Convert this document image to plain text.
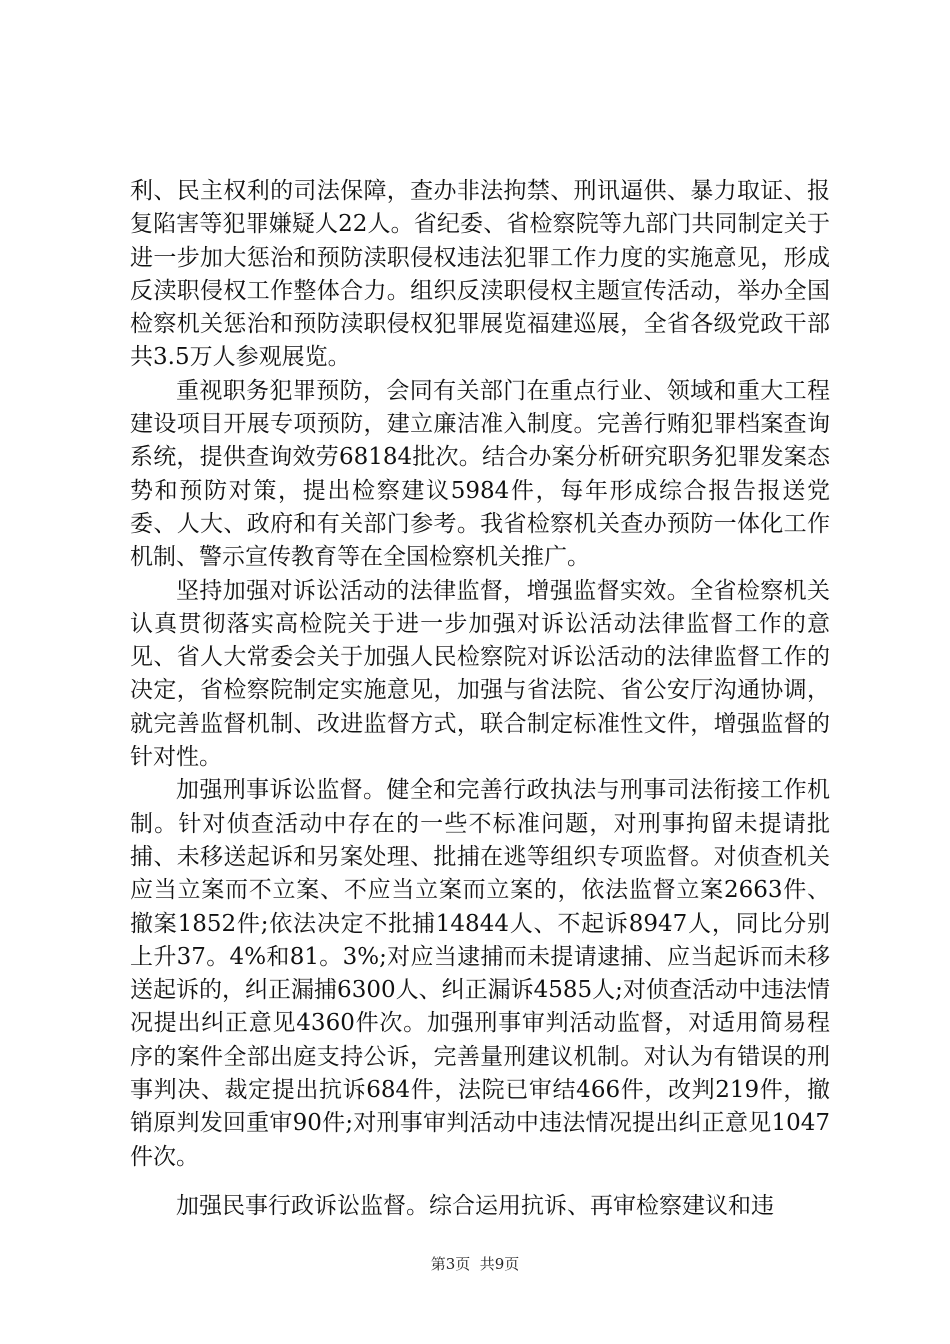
利、民主权利的司法保障，查办非法拘禁、刑讯逼供、暴力取证、报复陷害等犯罪嫌疑人22人。省纪委、省检察院等九部门共同制定关于进一步加大惩治和预防渎职侵权违法犯罪工作力度的实施意见，形成反渎职侵权工作整体合力。组织反渎职侵权主题宣传活动，举办全国检察机关惩治和预防渎职侵权犯罪展览福建巡展，全省各级党政干部共3.5万人参观展览。

重视职务犯罪预防，会同有关部门在重点行业、领域和重大工程建设项目开展专项预防，建立廉洁准入制度。完善行贿犯罪档案查询系统，提供查询效劳68184批次。结合办案分析研究职务犯罪发案态势和预防对策，提出检察建议5984件，每年形成综合报告报送党委、人大、政府和有关部门参考。我省检察机关查办预防一体化工作机制、警示宣传教育等在全国检察机关推广。

坚持加强对诉讼活动的法律监督，增强监督实效。全省检察机关认真贯彻落实高检院关于进一步加强对诉讼活动法律监督工作的意见、省人大常委会关于加强人民检察院对诉讼活动的法律监督工作的决定，省检察院制定实施意见，加强与省法院、省公安厅沟通协调，就完善监督机制、改进监督方式，联合制定标准性文件，增强监督的针对性。

加强刑事诉讼监督。健全和完善行政执法与刑事司法衔接工作机制。针对侦查活动中存在的一些不标准问题，对刑事拘留未提请批捕、未移送起诉和另案处理、批捕在逃等组织专项监督。对侦查机关应当立案而不立案、不应当立案而立案的，依法监督立案2663件、撤案1852件;依法决定不批捕14844人、不起诉8947人，同比分别上升37。4%和81。3%;对应当逮捕而未提请逮捕、应当起诉而未移送起诉的，纠正漏捕6300人、纠正漏诉4585人;对侦查活动中违法情况提出纠正意见4360件次。加强刑事审判活动监督，对适用简易程序的案件全部出庭支持公诉，完善量刑建议机制。对认为有错误的刑事判决、裁定提出抗诉684件，法院已审结466件，改判219件，撤销原判发回重审90件;对刑事审判活动中违法情况提出纠正意见1047件次。

加强民事行政诉讼监督。综合运用抗诉、再审检察建议和违

第3页  共9页
